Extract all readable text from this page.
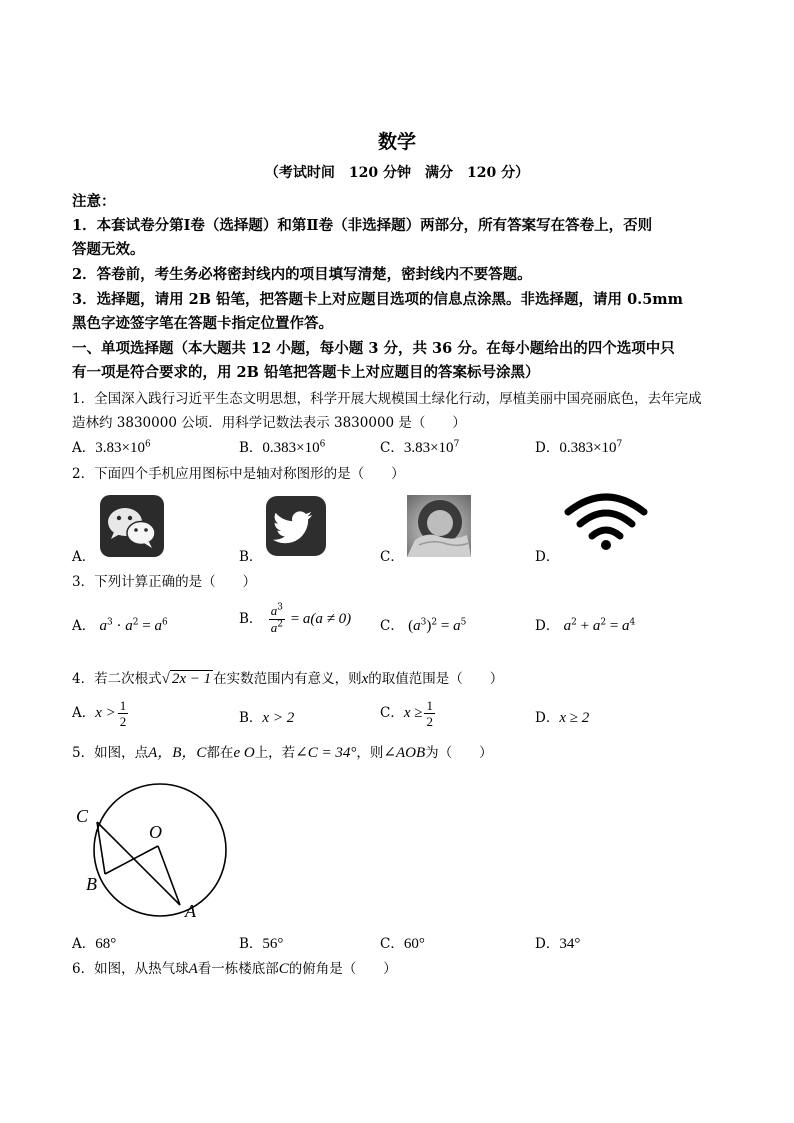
数学
（考试时间　120 分钟　满分　120 分）
注意：
1．本套试卷分第Ⅰ卷（选择题）和第Ⅱ卷（非选择题）两部分，所有答案写在答卷上，否则
答题无效。
2．答卷前，考生务必将密封线内的项目填写清楚，密封线内不要答题。
3．选择题，请用 2B 铅笔，把答题卡上对应题目选项的信息点涂黑。非选择题，请用 0.5mm
黑色字迹签字笔在答题卡指定位置作答。
一、单项选择题（本大题共 12 小题，每小题 3 分，共 36 分。在每小题给出的四个选项中只
有一项是符合要求的，用 2B 铅笔把答题卡上对应题目的答案标号涂黑）
1．全国深入践行习近平生态文明思想，科学开展大规模国土绿化行动，厚植美丽中国亮丽底色，去年完成
造林约 3830000 公顷．用科学记数法表示 3830000 是（　　）
A．$3.83\times 10^6$	B．$0.383\times 10^6$	C．$3.83\times 10^7$	D．$0.383\times 10^7$
2．下面四个手机应用图标中是轴对称图形的是（　　）
A．	B．	C．	D．
3．下列计算正确的是（　　）
A． $a^3 \cdot a^2 = a^6$	B． $\frac{a^3}{a^2} = a(a \ne 0)$ C． $(a^3)^2 = a^5$	D． $a^2 + a^2 = a^4$
4．若二次根式√ 2x − 1 在实数范围内有意义，则x的取值范围是（　　）
A．$x > \frac{1}{2}$	B．x > 2	C．$x \ge \frac{1}{2}$	D．x ≥ 2
5．如图，点A，B，C都在e O上，若∠C = 34°，则∠AOB为（　　）
C
O
B
A
A．68°	B．56°	C．60°	D．34°
6．如图，从热气球A看一栋楼底部C的俯角是（　　）
